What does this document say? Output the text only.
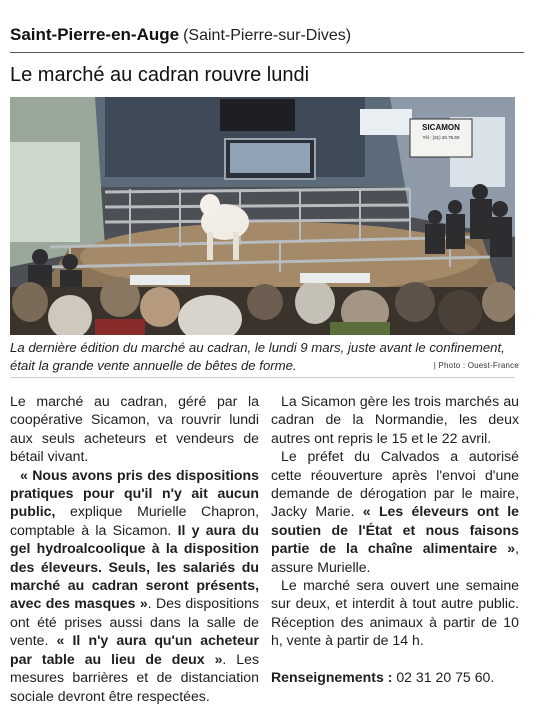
Saint-Pierre-en-Auge (Saint-Pierre-sur-Dives)
Le marché au cadran rouvre lundi
SICAMON
Tél : (31) 20.75.60
La dernière édition du marché au cadran, le lundi 9 mars, juste avant le confinement, était la grande vente annuelle de bêtes de forme.	| Photo : Ouest-France

Le marché au cadran, géré par la coopérative Sicamon, va rouvrir lundi aux seuls acheteurs et vendeurs de bétail vivant.

« Nous avons pris des dispositions pratiques pour qu'il n'y ait aucun public, explique Murielle Chapron, comptable à la Sicamon. Il y aura du gel hydroalcoolique à la disposition des éleveurs. Seuls, les salariés du marché au cadran seront présents, avec des masques ». Des dispositions ont été prises aussi dans la salle de vente. « Il n'y aura qu'un acheteur par table au lieu de deux ». Les mesures barrières et de distanciation sociale devront être respectées.

La Sicamon gère les trois marchés au cadran de la Normandie, les deux autres ont repris le 15 et le 22 avril.

Le préfet du Calvados a autorisé cette réouverture après l'envoi d'une demande de dérogation par le maire, Jacky Marie. « Les éleveurs ont le soutien de l'État et nous faisons partie de la chaîne alimentaire », assure Murielle.

Le marché sera ouvert une semaine sur deux, et interdit à tout autre public. Réception des animaux à partir de 10 h, vente à partir de 14 h.

Renseignements : 02 31 20 75 60.
